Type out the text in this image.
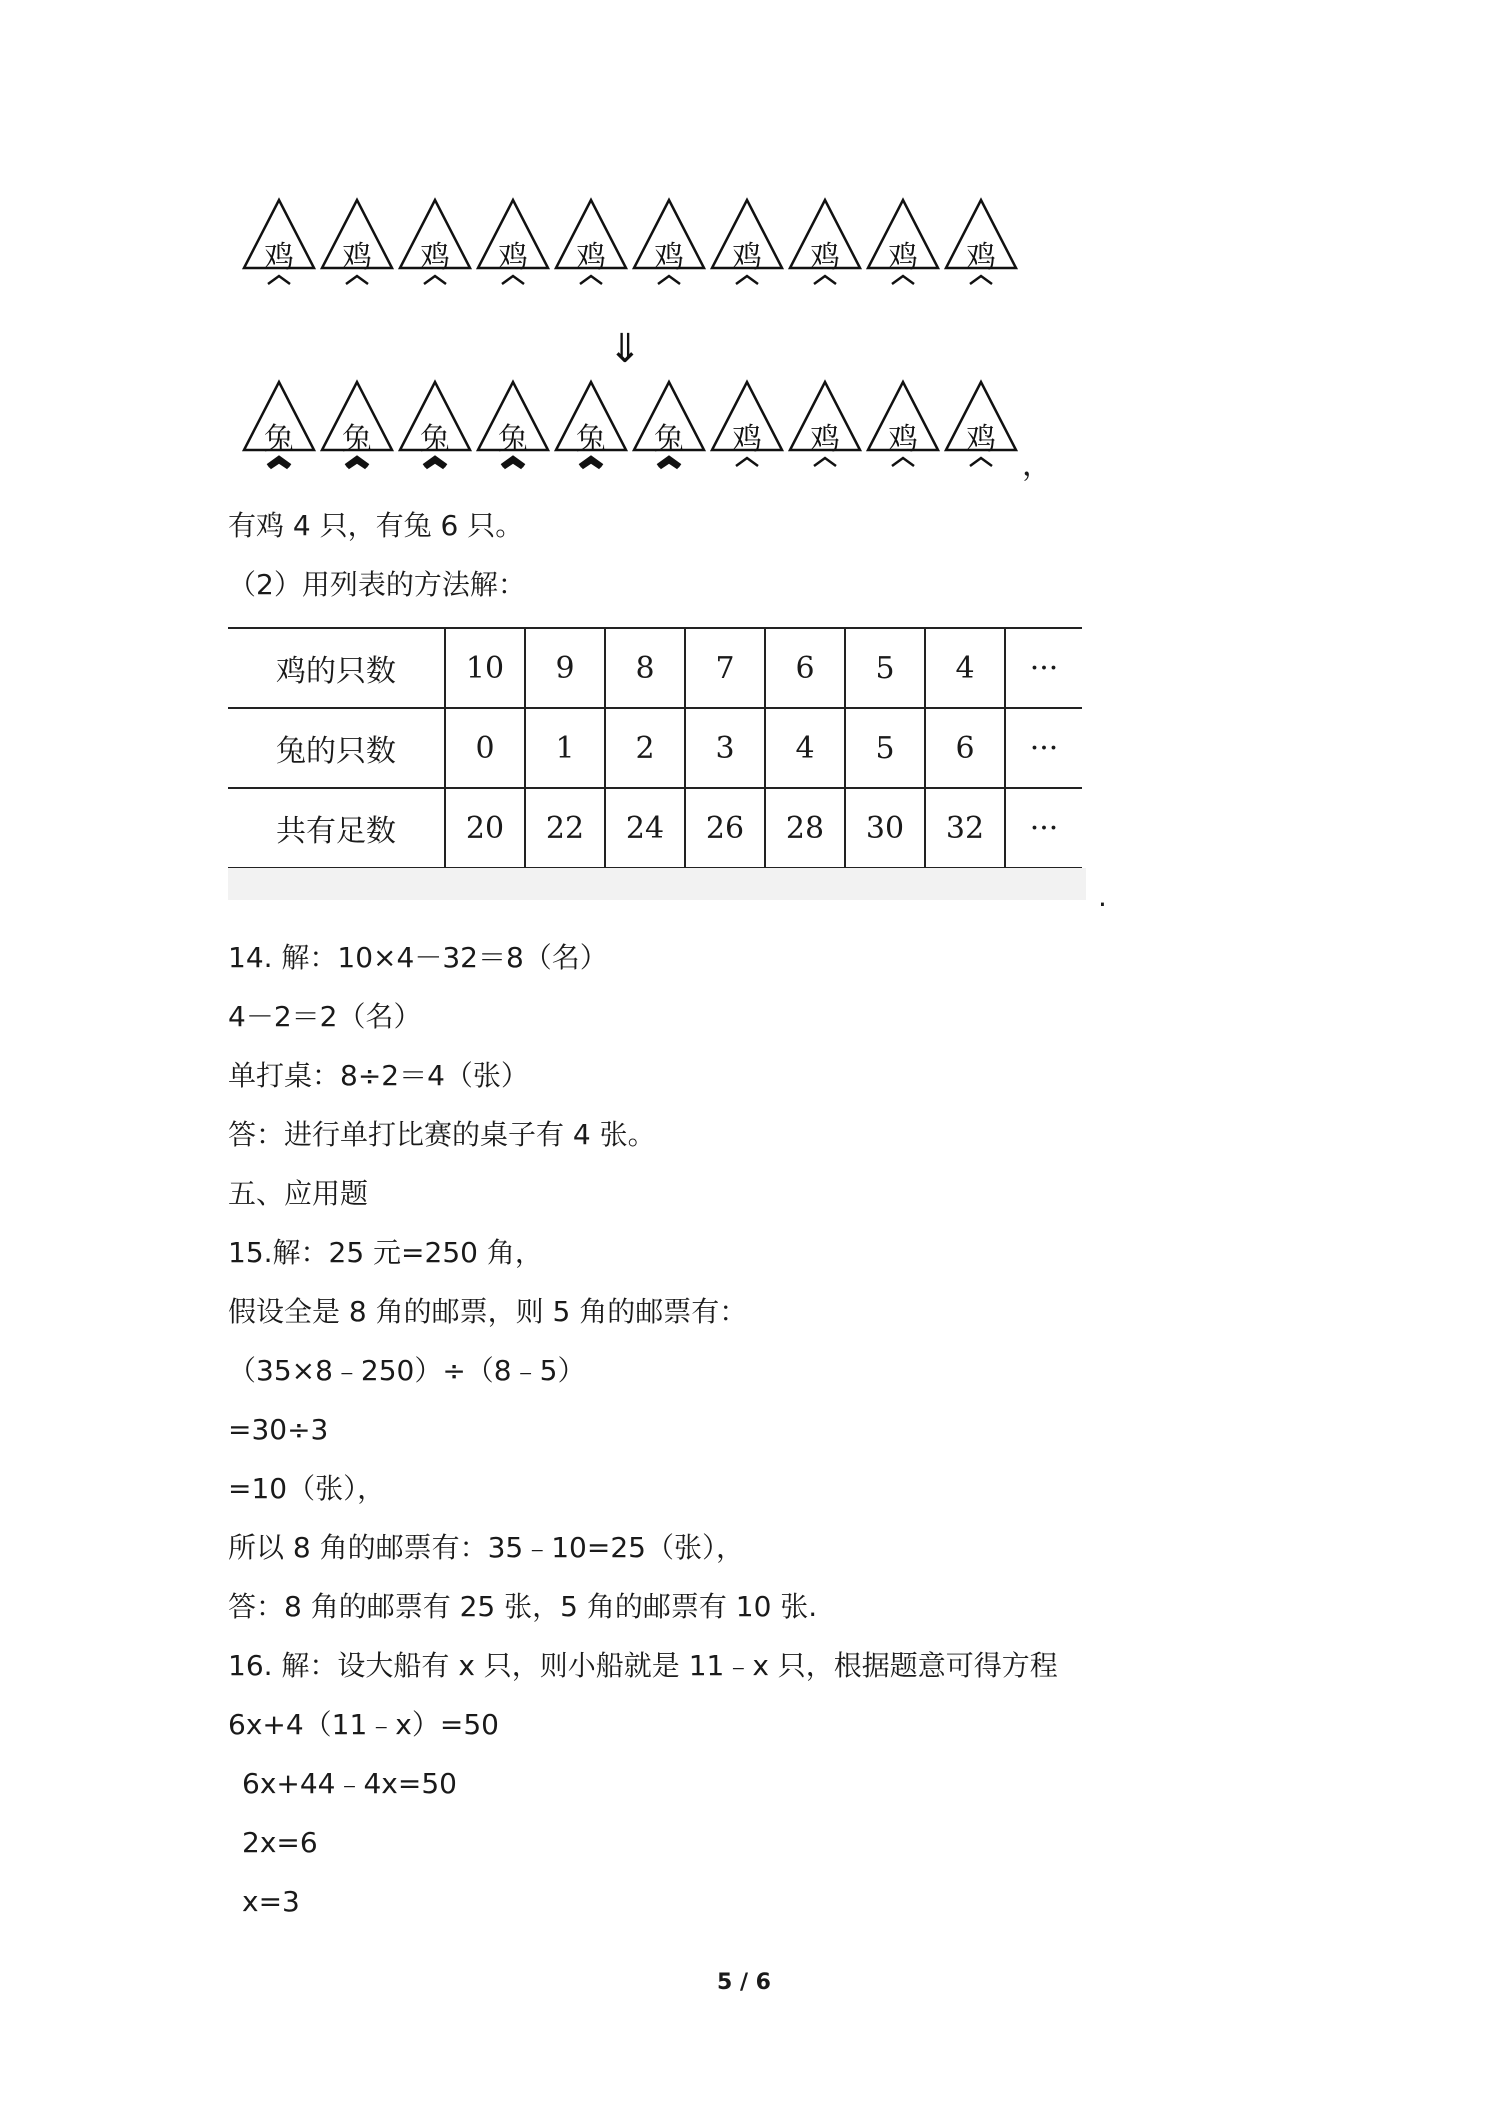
鸡	鸡	鸡	鸡	鸡	鸡	鸡	鸡	鸡	鸡
⇓
兔	兔	兔	兔	兔	兔	鸡	鸡	鸡	鸡
，
有鸡 4 只，有兔 6 只。
（2）用列表的方法解：
鸡的只数	10	9	8	7	6	5	4	···
兔的只数	0	1	2	3	4	5	6	···
共有足数	20	22	24	26	28	30	32	···
.
14. 解：10×4－32＝8（名）
4－2＝2（名）
单打桌：8÷2＝4（张）
答：进行单打比赛的桌子有 4 张。
五、应用题
15.解：25 元=250 角，
假设全是 8 角的邮票，则 5 角的邮票有：
（35×8﹣250）÷（8﹣5）
=30÷3
=10（张），
所以 8 角的邮票有：35﹣10=25（张），
答：8 角的邮票有 25 张，5 角的邮票有 10 张.
16. 解：设大船有 x 只，则小船就是 11﹣x 只，根据题意可得方程
6x+4（11﹣x）=50
6x+44﹣4x=50
2x=6
x=3
5 / 6
